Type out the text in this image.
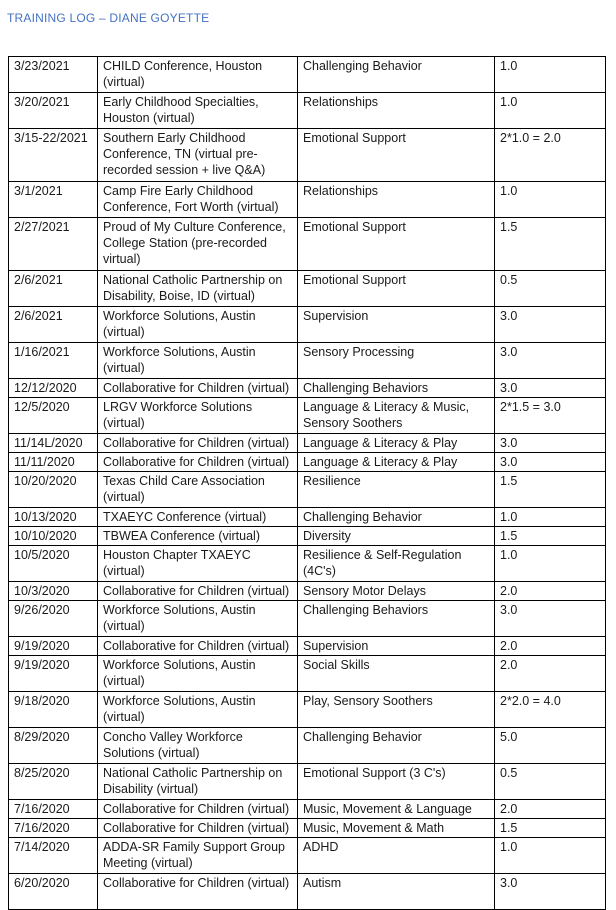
TRAINING LOG – DIANE GOYETTE
3/23/2021	CHILD Conference, Houston (virtual)	Challenging Behavior	1.0
3/20/2021	Early Childhood Specialties, Houston (virtual)	Relationships	1.0
3/15-22/2021	Southern Early Childhood Conference, TN (virtual pre-recorded session + live Q&A)	Emotional Support	2*1.0 = 2.0
3/1/2021	Camp Fire Early Childhood Conference, Fort Worth (virtual)	Relationships	1.0
2/27/2021	Proud of My Culture Conference, College Station (pre-recorded virtual)	Emotional Support	1.5
2/6/2021	National Catholic Partnership on Disability, Boise, ID (virtual)	Emotional Support	0.5
2/6/2021	Workforce Solutions, Austin (virtual)	Supervision	3.0
1/16/2021	Workforce Solutions, Austin (virtual)	Sensory Processing	3.0
12/12/2020	Collaborative for Children (virtual)	Challenging Behaviors	3.0
12/5/2020	LRGV Workforce Solutions (virtual)	Language & Literacy & Music, Sensory Soothers	2*1.5 = 3.0
11/14L/2020	Collaborative for Children (virtual)	Language & Literacy & Play	3.0
11/11/2020	Collaborative for Children (virtual)	Language & Literacy & Play	3.0
10/20/2020	Texas Child Care Association (virtual)	Resilience	1.5
10/13/2020	TXAEYC Conference (virtual)	Challenging Behavior	1.0
10/10/2020	TBWEA Conference (virtual)	Diversity	1.5
10/5/2020	Houston Chapter TXAEYC (virtual)	Resilience & Self-Regulation (4C's)	1.0
10/3/2020	Collaborative for Children (virtual)	Sensory Motor Delays	2.0
9/26/2020	Workforce Solutions, Austin (virtual)	Challenging Behaviors	3.0
9/19/2020	Collaborative for Children (virtual)	Supervision	2.0
9/19/2020	Workforce Solutions, Austin (virtual)	Social Skills	2.0
9/18/2020	Workforce Solutions, Austin (virtual)	Play, Sensory Soothers	2*2.0 = 4.0
8/29/2020	Concho Valley Workforce Solutions (virtual)	Challenging Behavior	5.0
8/25/2020	National Catholic Partnership on Disability (virtual)	Emotional Support (3 C's)	0.5
7/16/2020	Collaborative for Children (virtual)	Music, Movement & Language	2.0
7/16/2020	Collaborative for Children (virtual)	Music, Movement & Math	1.5
7/14/2020	ADDA-SR Family Support Group Meeting (virtual)	ADHD	1.0
6/20/2020	Collaborative for Children (virtual)	Autism	3.0
